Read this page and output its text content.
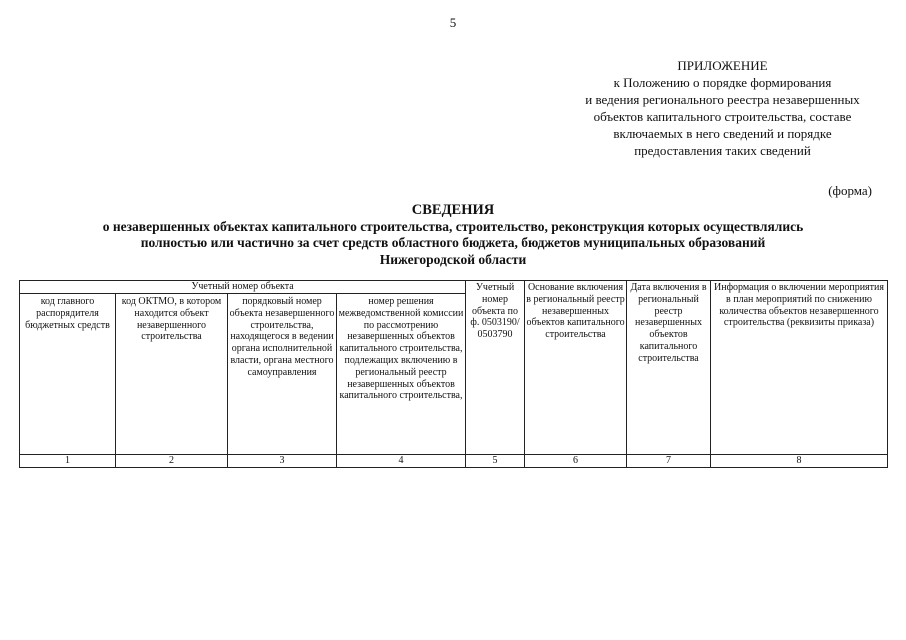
5
ПРИЛОЖЕНИЕ
к Положению о порядке формирования
и ведения регионального реестра незавершенных
объектов капитального строительства, составе
включаемых в него сведений и порядке
предоставления таких сведений
(форма)
СВЕДЕНИЯ
о незавершенных объектах капитального строительства, строительство, реконструкция которых осуществлялись
полностью или частично за счет средств областного бюджета, бюджетов муниципальных образований
Нижегородской области
Учетный номер объекта				Учетный номер объекта по ф. 0503190/ 0503790	Основание включения в региональный реестр незавершенных объектов капитального строительства	Дата включения в региональный реестр незавершенных объектов капитального строительства	Информация о включении мероприятия в план мероприятий по снижению количества объектов незавершенного строительства (реквизиты приказа)
код главного распорядителя бюджетных средств	код ОКТМО, в котором находится объект незавершенного строительства	порядковый номер объекта незавершенного строительства, находящегося в ведении органа исполнительной власти, органа местного самоуправления	номер решения межведомственной комиссии по рассмотрению незавершенных объектов капитального строительства, подлежащих включению в региональный реестр незавершенных объектов капитального строительства,				
1	2	3	4	5	6	7	8
